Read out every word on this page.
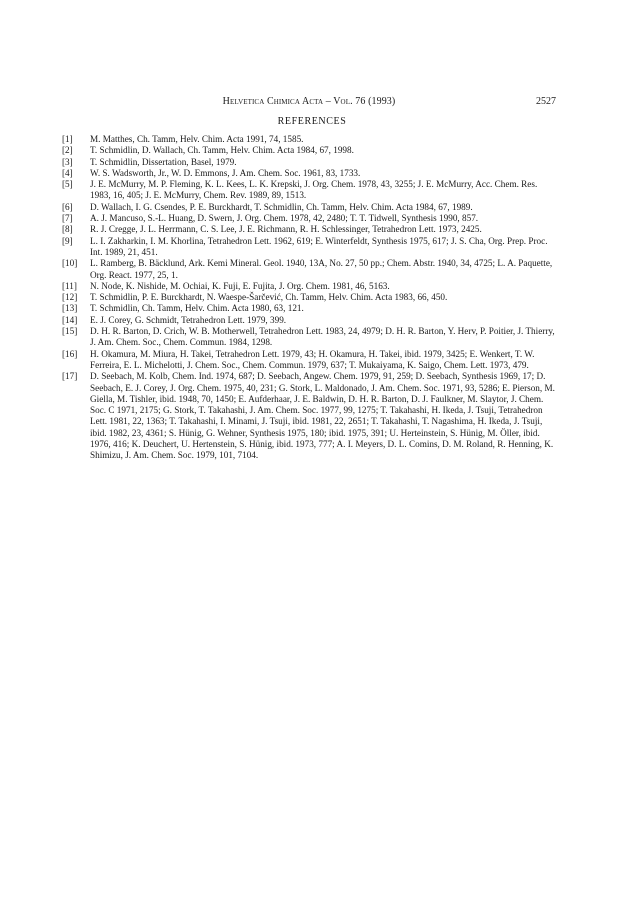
Helvetica Chimica Acta – Vol. 76 (1993)	2527
REFERENCES
[1]	M. Matthes, Ch. Tamm, Helv. Chim. Acta 1991, 74, 1585.
[2]	T. Schmidlin, D. Wallach, Ch. Tamm, Helv. Chim. Acta 1984, 67, 1998.
[3]	T. Schmidlin, Dissertation, Basel, 1979.
[4]	W. S. Wadsworth, Jr., W. D. Emmons, J. Am. Chem. Soc. 1961, 83, 1733.
[5]	J. E. McMurry, M. P. Fleming, K. L. Kees, L. K. Krepski, J. Org. Chem. 1978, 43, 3255; J. E. McMurry, Acc. Chem. Res. 1983, 16, 405; J. E. McMurry, Chem. Rev. 1989, 89, 1513.
[6]	D. Wallach, I. G. Csendes, P. E. Burckhardt, T. Schmidlin, Ch. Tamm, Helv. Chim. Acta 1984, 67, 1989.
[7]	A. J. Mancuso, S.-L. Huang, D. Swern, J. Org. Chem. 1978, 42, 2480; T. T. Tidwell, Synthesis 1990, 857.
[8]	R. J. Cregge, J. L. Herrmann, C. S. Lee, J. E. Richmann, R. H. Schlessinger, Tetrahedron Lett. 1973, 2425.
[9]	L. I. Zakharkin, I. M. Khorlina, Tetrahedron Lett. 1962, 619; E. Winterfeldt, Synthesis 1975, 617; J. S. Cha, Org. Prep. Proc. Int. 1989, 21, 451.
[10]	L. Ramberg, B. Bäcklund, Ark. Kemi Mineral. Geol. 1940, 13A, No. 27, 50 pp.; Chem. Abstr. 1940, 34, 4725; L. A. Paquette, Org. React. 1977, 25, 1.
[11]	N. Node, K. Nishide, M. Ochiai, K. Fuji, E. Fujita, J. Org. Chem. 1981, 46, 5163.
[12]	T. Schmidlin, P. E. Burckhardt, N. Waespe-Šarčević, Ch. Tamm, Helv. Chim. Acta 1983, 66, 450.
[13]	T. Schmidlin, Ch. Tamm, Helv. Chim. Acta 1980, 63, 121.
[14]	E. J. Corey, G. Schmidt, Tetrahedron Lett. 1979, 399.
[15]	D. H. R. Barton, D. Crich, W. B. Motherwell, Tetrahedron Lett. 1983, 24, 4979; D. H. R. Barton, Y. Herv, P. Poitier, J. Thierry, J. Am. Chem. Soc., Chem. Commun. 1984, 1298.
[16]	H. Okamura, M. Miura, H. Takei, Tetrahedron Lett. 1979, 43; H. Okamura, H. Takei, ibid. 1979, 3425; E. Wenkert, T. W. Ferreira, E. L. Michelotti, J. Chem. Soc., Chem. Commun. 1979, 637; T. Mukaiyama, K. Saigo, Chem. Lett. 1973, 479.
[17]	D. Seebach, M. Kolb, Chem. Ind. 1974, 687; D. Seebach, Angew. Chem. 1979, 91, 259; D. Seebach, Synthesis 1969, 17; D. Seebach, E. J. Corey, J. Org. Chem. 1975, 40, 231; G. Stork, L. Maldonado, J. Am. Chem. Soc. 1971, 93, 5286; E. Pierson, M. Giella, M. Tishler, ibid. 1948, 70, 1450; E. Aufderhaar, J. E. Baldwin, D. H. R. Barton, D. J. Faulkner, M. Slaytor, J. Chem. Soc. C 1971, 2175; G. Stork, T. Takahashi, J. Am. Chem. Soc. 1977, 99, 1275; T. Takahashi, H. Ikeda, J. Tsuji, Tetrahedron Lett. 1981, 22, 1363; T. Takahashi, I. Minami, J. Tsuji, ibid. 1981, 22, 2651; T. Takahashi, T. Nagashima, H. Ikeda, J. Tsuji, ibid. 1982, 23, 4361; S. Hünig, G. Wehner, Synthesis 1975, 180; ibid. 1975, 391; U. Herteinstein, S. Hünig, M. Öller, ibid. 1976, 416; K. Deuchert, U. Hertenstein, S. Hünig, ibid. 1973, 777; A. I. Meyers, D. L. Comins, D. M. Roland, R. Henning, K. Shimizu, J. Am. Chem. Soc. 1979, 101, 7104.
